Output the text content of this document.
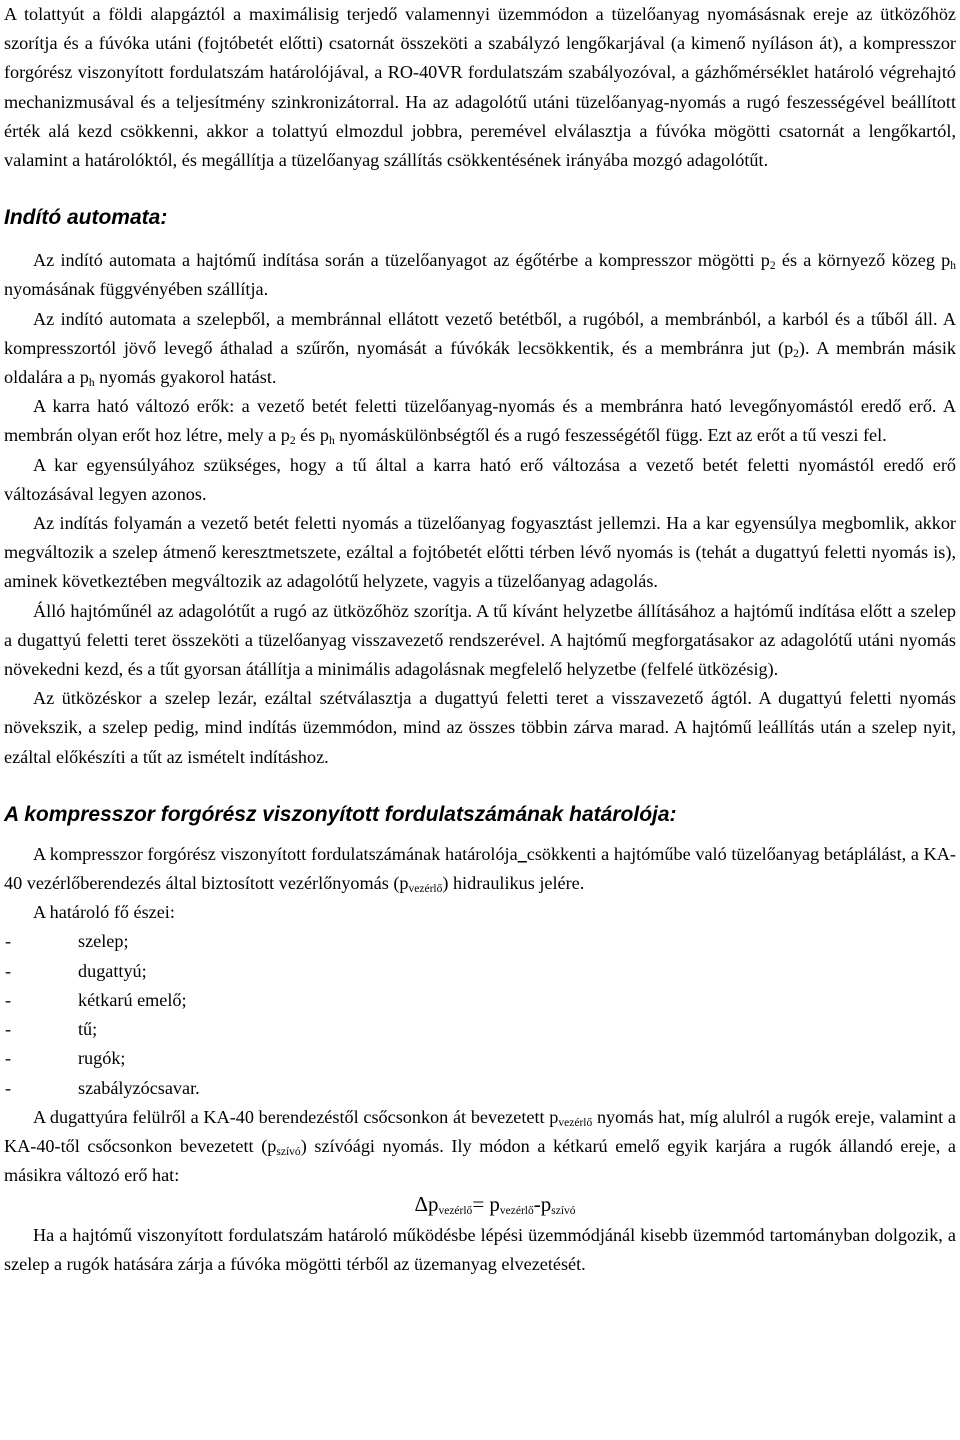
A tolattyút a földi alapgáztól a maximálisig terjedő valamennyi üzemmódon a tüzelőanyag nyomásásnak ereje az ütközőhöz szorítja és a fúvóka utáni (fojtóbetét előtti) csatornát összeköti a szabályzó lengőkarjával (a kimenő nyíláson át), a kompresszor forgórész viszonyított fordulatszám határolójával, a RO-40VR fordulatszám szabályozóval, a gázhőmérséklet határoló végrehajtó mechanizmusával és a teljesítmény szinkronizátorral. Ha az adagolótű utáni tüzelőanyag-nyomás a rugó feszességével beállított érték alá kezd csökkenni, akkor a tolattyú elmozdul jobbra, peremével elválasztja a fúvóka mögötti csatornát a lengőkartól, valamint a határolóktól, és megállítja a tüzelőanyag szállítás csökkentésének irányába mozgó adagolótűt.

Indító automata:

Az indító automata a hajtómű indítása során a tüzelőanyagot az égőtérbe a kompresszor mögötti $p_2$ és a környező közeg $p_h$ nyomásának függvényében szállítja.

Az indító automata a szelepből, a membránnal ellátott vezető betétből, a rugóból, a membránból, a karból és a tűből áll. A kompresszortól jövő levegő áthalad a szűrőn, nyomását a fúvókák lecsökkentik, és a membránra jut $(p_2)$. A membrán másik oldalára a $p_h$ nyomás gyakorol hatást.

A karra ható változó erők: a vezető betét feletti tüzelőanyag-nyomás és a membránra ható levegőnyomástól eredő erő. A membrán olyan erőt hoz létre, mely a $p_2$ és $p_h$ nyomáskülönbségtől és a rugó feszességétől függ. Ezt az erőt a tű veszi fel.

A kar egyensúlyához szükséges, hogy a tű által a karra ható erő változása a vezető betét feletti nyomástól eredő erő változásával legyen azonos.

Az indítás folyamán a vezető betét feletti nyomás a tüzelőanyag fogyasztást jellemzi. Ha a kar egyensúlya megbomlik, akkor megváltozik a szelep átmenő keresztmetszete, ezáltal a fojtóbetét előtti térben lévő nyomás is (tehát a dugattyú feletti nyomás is), aminek következtében megváltozik az adagolótű helyzete, vagyis a tüzelőanyag adagolás.

Álló hajtóműnél az adagolótűt a rugó az ütközőhöz szorítja. A tű kívánt helyzetbe állításához a hajtómű indítása előtt a szelep a dugattyú feletti teret összeköti a tüzelőanyag visszavezető rendszerével. A hajtómű megforgatásakor az adagolótű utáni nyomás növekedni kezd, és a tűt gyorsan átállítja a minimális adagolásnak megfelelő helyzetbe (felfelé ütközésig).

Az ütközéskor a szelep lezár, ezáltal szétválasztja a dugattyú feletti teret a visszavezető ágtól. A dugattyú feletti nyomás növekszik, a szelep pedig, mind indítás üzemmódon, mind az összes többin zárva marad. A hajtómű leállítás után a szelep nyit, ezáltal előkészíti a tűt az ismételt indításhoz.

A kompresszor forgórész viszonyított fordulatszámának határolója:

A kompresszor forgórész viszonyított fordulatszámának határolója_csökkenti a hajtóműbe való tüzelőanyag betáplálást, a KA-40 vezérlőberendezés által biztosított vezérlőnyomás $(p_{vezérlő})$ hidraulikus jelére.

A határoló fő észei:

-	szelep;
-	dugattyú;
-	kétkarú emelő;
-	tű;
-	rugók;
-	szabályzócsavar.

A dugattyúra felülről a KA-40 berendezéstől csőcsonkon át bevezetett $p_{vezérlő}$ nyomás hat, míg alulról a rugók ereje, valamint a KA-40-től csőcsonkon bevezetett $(p_{szívó})$ szívóági nyomás. Ily módon a kétkarú emelő egyik karjára a rugók állandó ereje, a másikra változó erő hat:

$\Delta p_{vezérlő}= p_{vezérlő}-p_{szívó}$

Ha a hajtómű viszonyított fordulatszám határoló működésbe lépési üzemmódjánál kisebb üzemmód tartományban dolgozik, a szelep a rugók hatására zárja a fúvóka mögötti térből az üzemanyag elvezetését.
